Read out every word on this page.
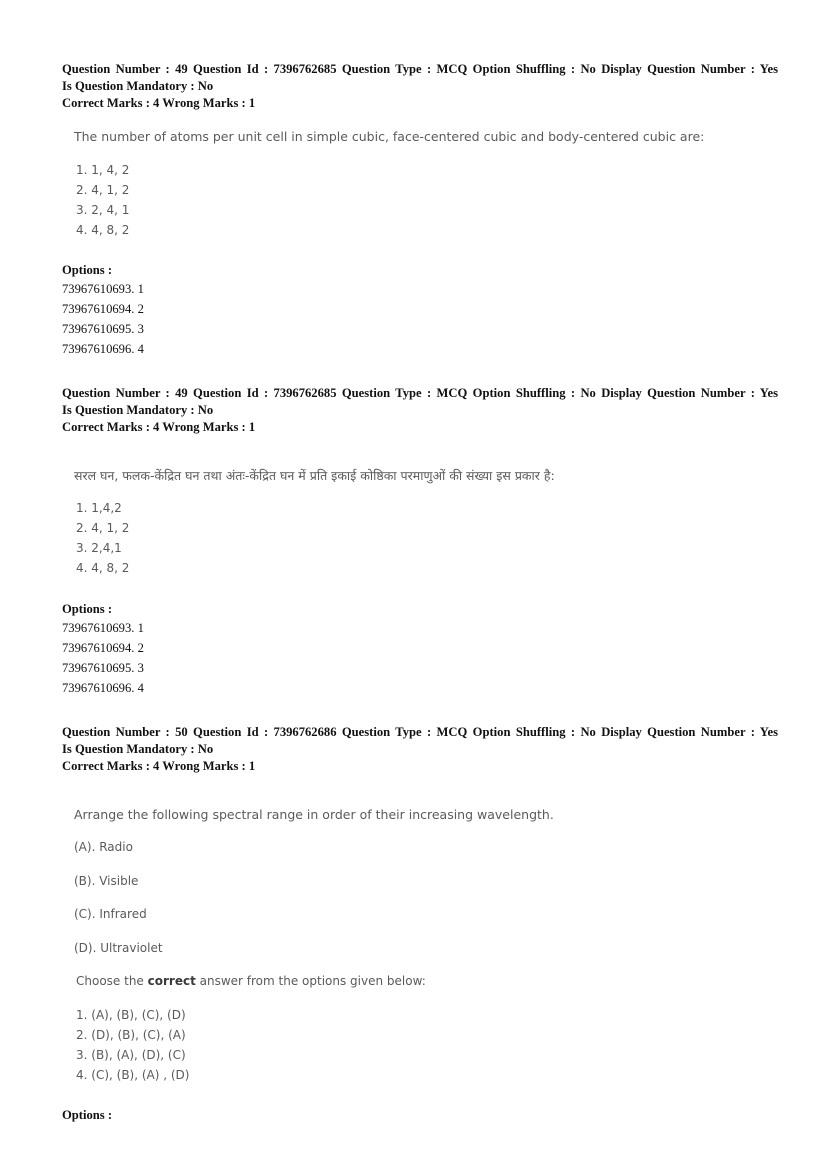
Question Number : 49 Question Id : 7396762685 Question Type : MCQ Option Shuffling : No Display Question Number : Yes
Is Question Mandatory : No
Correct Marks : 4 Wrong Marks : 1
The number of atoms per unit cell in simple cubic, face-centered cubic and body-centered cubic are:
1. 1, 4, 2
2. 4, 1, 2
3. 2, 4, 1
4. 4, 8, 2
Options :
73967610693. 1
73967610694. 2
73967610695. 3
73967610696. 4
Question Number : 49 Question Id : 7396762685 Question Type : MCQ Option Shuffling : No Display Question Number : Yes
Is Question Mandatory : No
Correct Marks : 4 Wrong Marks : 1
सरल घन, फलक-केंद्रित घन तथा अंतः-केंद्रित घन में प्रति इकाई कोष्ठिका परमाणुओं की संख्या इस प्रकार है:
1. 1,4,2
2. 4, 1, 2
3. 2,4,1
4. 4, 8, 2
Options :
73967610693. 1
73967610694. 2
73967610695. 3
73967610696. 4
Question Number : 50 Question Id : 7396762686 Question Type : MCQ Option Shuffling : No Display Question Number : Yes
Is Question Mandatory : No
Correct Marks : 4 Wrong Marks : 1
Arrange the following spectral range in order of their increasing wavelength.
(A). Radio
(B). Visible
(C). Infrared
(D). Ultraviolet
Choose the correct answer from the options given below:
1. (A), (B), (C), (D)
2. (D), (B), (C), (A)
3. (B), (A), (D), (C)
4. (C), (B), (A) , (D)
Options :
